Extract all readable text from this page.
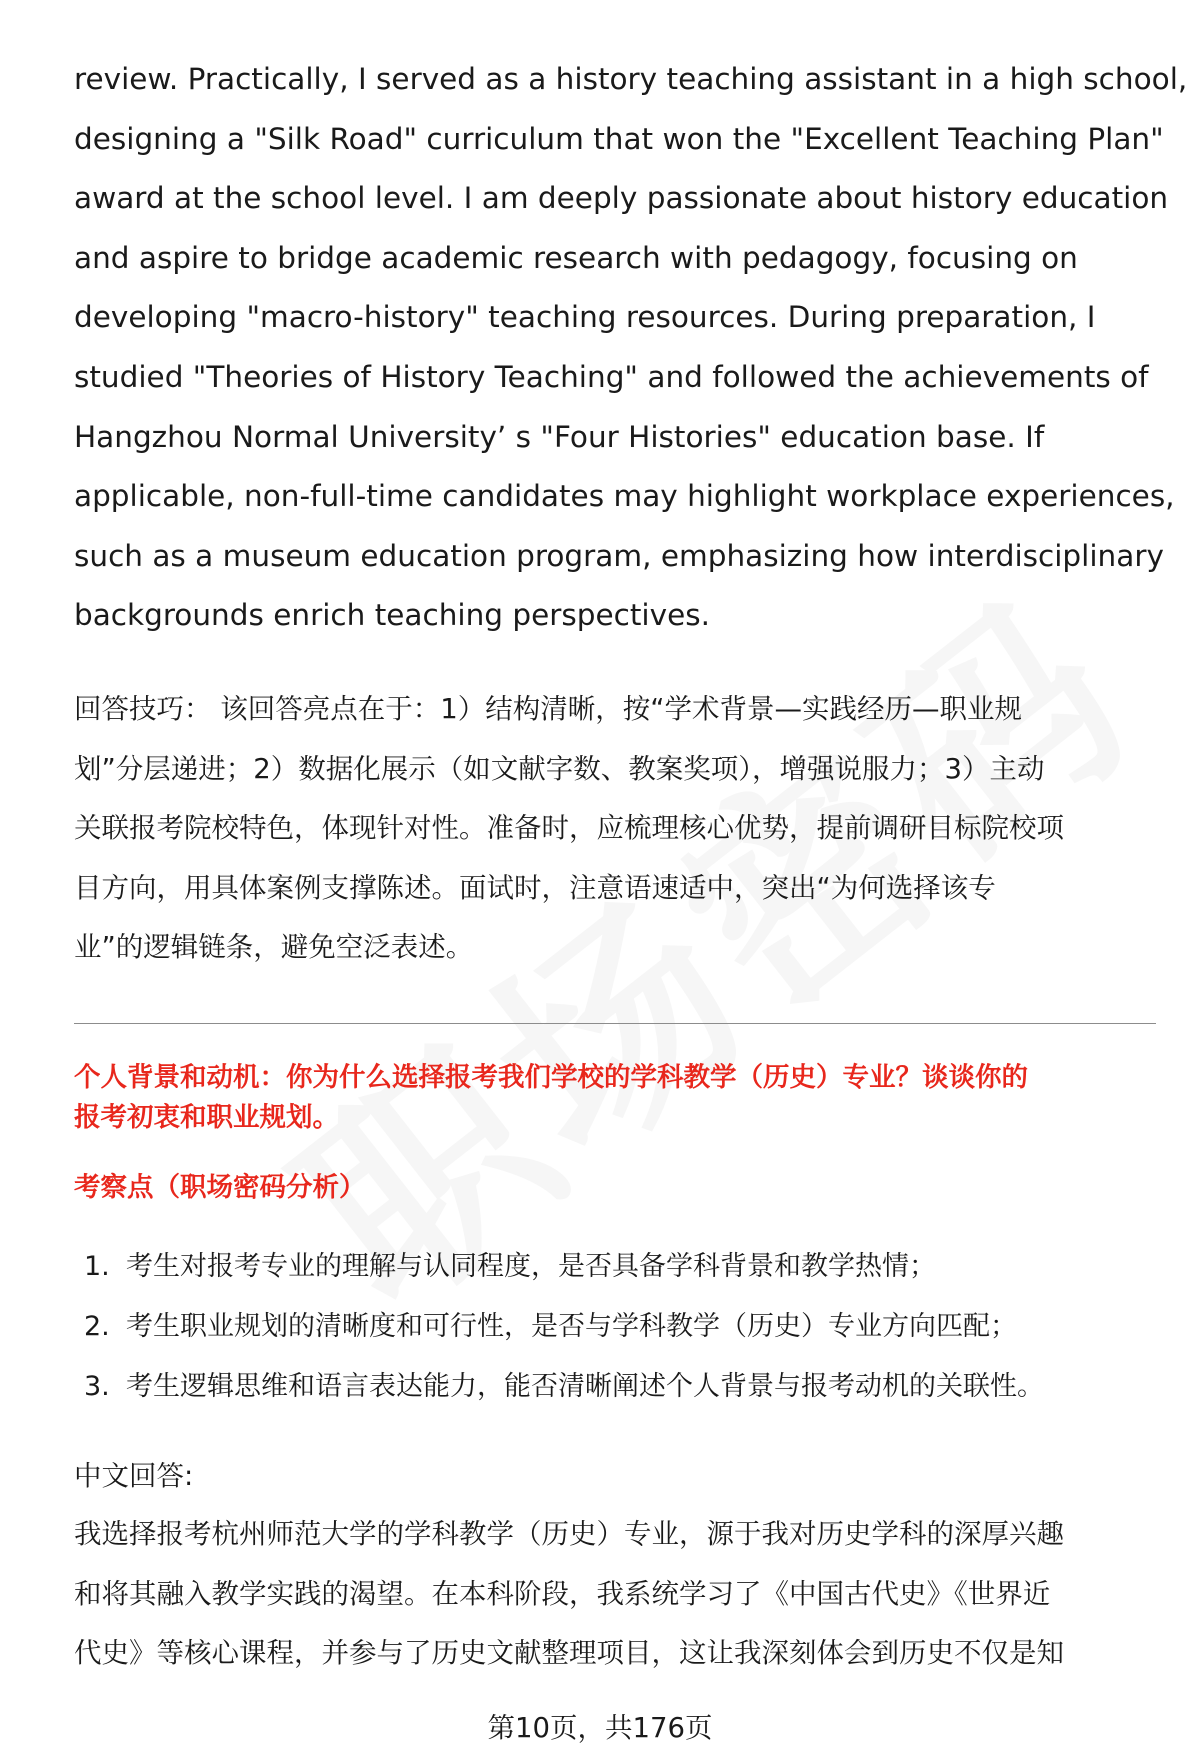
review. Practically, I served as a history teaching assistant in a high school,
designing a "Silk Road" curriculum that won the "Excellent Teaching Plan"
award at the school level. I am deeply passionate about history education
and aspire to bridge academic research with pedagogy, focusing on
developing "macro-history" teaching resources. During preparation, I
studied "Theories of History Teaching" and followed the achievements of
Hangzhou Normal University’ s "Four Histories" education base. If
applicable, non-full-time candidates may highlight workplace experiences,
such as a museum education program, emphasizing how interdisciplinary
backgrounds enrich teaching perspectives.
回答技巧： 该回答亮点在于：1）结构清晰，按“学术背景—实践经历—职业规
划”分层递进；2）数据化展示（如文献字数、教案奖项），增强说服力；3）主动
关联报考院校特色，体现针对性。准备时，应梳理核心优势，提前调研目标院校项
目方向，用具体案例支撑陈述。面试时，注意语速适中，突出“为何选择该专
业”的逻辑链条，避免空泛表述。
个人背景和动机：你为什么选择报考我们学校的学科教学（历史）专业？谈谈你的
报考初衷和职业规划。
考察点（职场密码分析）
1. 考生对报考专业的理解与认同程度，是否具备学科背景和教学热情；
2. 考生职业规划的清晰度和可行性，是否与学科教学（历史）专业方向匹配；
3. 考生逻辑思维和语言表达能力，能否清晰阐述个人背景与报考动机的关联性。
中文回答:
我选择报考杭州师范大学的学科教学（历史）专业，源于我对历史学科的深厚兴趣
和将其融入教学实践的渴望。在本科阶段，我系统学习了《中国古代史》《世界近
代史》等核心课程，并参与了历史文献整理项目，这让我深刻体会到历史不仅是知
第10页，共176页
